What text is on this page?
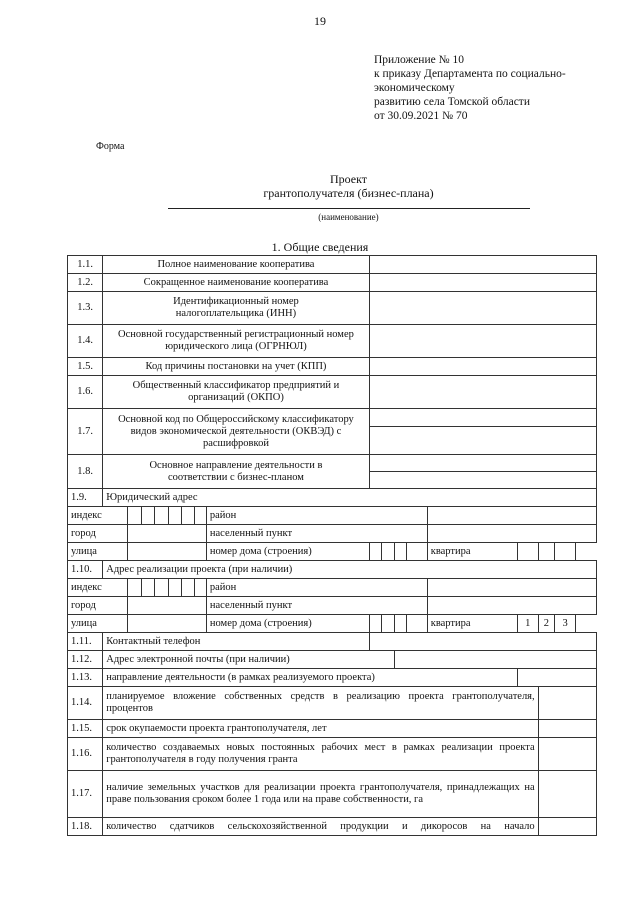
19
Приложение № 10
к приказу Департамента по социально-
экономическому
развитию села Томской области
от 30.09.2021 № 70
Форма
Проект
грантополучателя (бизнес-плана)
(наименование)
1. Общие сведения
1.1.	Полное наименование кооператива															
1.2.	Сокращенное наименование кооператива															
1.3.	Идентификационный номер налогоплательщика (ИНН)															
1.4.	Основной государственный регистрационный номер юридического лица (ОГРНЮЛ)															
1.5.	Код причины постановки на учет (КПП)															
1.6.	Общественный классификатор предприятий и организаций (ОКПО)															
1.7.	Основной код по Общероссийскому классификатору видов экономической деятельности (ОКВЭД) с расшифровкой															

1.8.	Основное направление деятельности в соответствии с бизнес-планом															

1.9.	Юридический адрес															
индекс								район								
город								населенный пункт								
улица								номер дома (строения)					квартира			
1.10.	Адрес реализации проекта (при наличии)															
индекс								район								
город								населенный пункт								
улица								номер дома (строения)					квартира	1	2	3
1.11.	Контактный телефон															
1.12.	Адрес электронной почты (при наличии)															
1.13.	направление деятельности (в рамках реализуемого проекта)															
1.14.	планируемое вложение собственных средств в реализацию проекта грантополучателя, процентов															
1.15.	срок окупаемости проекта грантополучателя, лет															
1.16.	количество создаваемых новых постоянных рабочих мест в рамках реализации проекта грантополучателя в году получения гранта															
1.17.	наличие земельных участков для реализации проекта грантополучателя, принадлежащих на праве пользования сроком более 1 года или на праве собственности, га															
1.18.	количество сдатчиков сельскохозяйственной продукции и дикоросов на начало															
